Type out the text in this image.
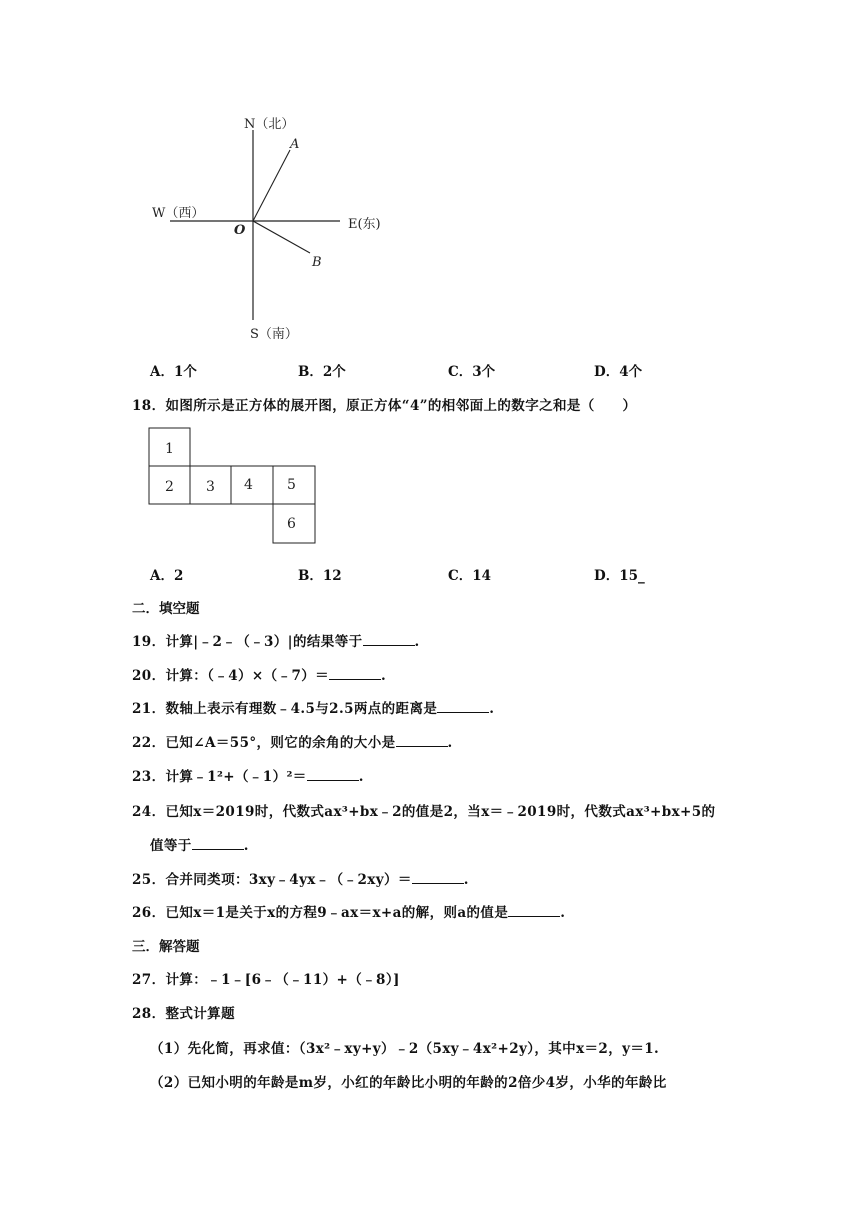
N（北）
W（西）
E(东)
S（南）
O
A
B
A．1个	B．2个	C．3个	D．4个
18．如图所示是正方体的展开图，原正方体“4”的相邻面上的数字之和是（　　）
1
2 3 4 5
6
A．2	B．12	C．14	D．15_
二．填空题
19．计算|﹣2﹣（﹣3）|的结果等于	.
20．计算：（﹣4）×（﹣7）＝	.
21．数轴上表示有理数﹣4.5与2.5两点的距离是	.
22．已知∠A＝55°，则它的余角的大小是	.
23．计算﹣1²+（﹣1）²＝	.
24．已知x＝2019时，代数式ax³+bx﹣2的值是2，当x＝﹣2019时，代数式ax³+bx+5的
值等于	.
25．合并同类项：3xy﹣4yx﹣（﹣2xy）＝	.
26．已知x＝1是关于x的方程9﹣ax＝x+a的解，则a的值是	.
三．解答题
27．计算：﹣1﹣[6﹣（﹣11）+（﹣8）]
28．整式计算题
（1）先化简，再求值：（3x²﹣xy+y）﹣2（5xy﹣4x²+2y），其中x＝2，y＝1.
（2）已知小明的年龄是m岁，小红的年龄比小明的年龄的2倍少4岁，小华的年龄比
